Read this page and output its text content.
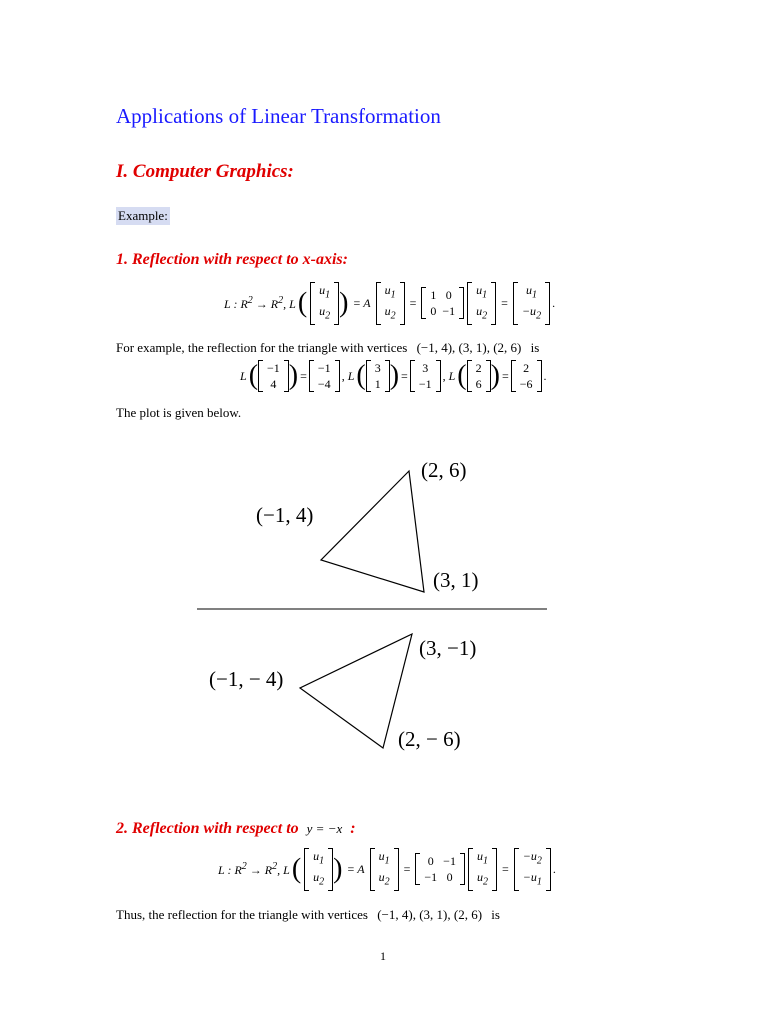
Applications of Linear Transformation
I. Computer Graphics:
Example:
1. Reflection with respect to x-axis:
L : $R^2 \to R^2$, L( $u_1$
$u_2$ ) = A
$u_1$
$u_2$
=
1	0
0	−1

$u_1$
$u_2$
=
$u_1$
$-u_2$
.
For example, the reflection for the triangle with vertices (−1, 4), (3, 1), (2, 6) is
L( −1
4 ) =
−1
−4
, L( 3
1 ) =
3
−1
, L( 2
6 ) =
2
−6
.
The plot is given below.
(2, 6)
(−1, 4)
(3, 1)
(3, −1)
(−1, − 4)
(2, − 6)
2. Reflection with respect to y = −x :
L : $R^2 \to R^2$, L( $u_1$
$u_2$ ) = A
$u_1$
$u_2$
=
0	−1
−1	0

$u_1$
$u_2$
=
$-u_2$
$-u_1$
.
Thus, the reflection for the triangle with vertices (−1, 4), (3, 1), (2, 6) is
1
